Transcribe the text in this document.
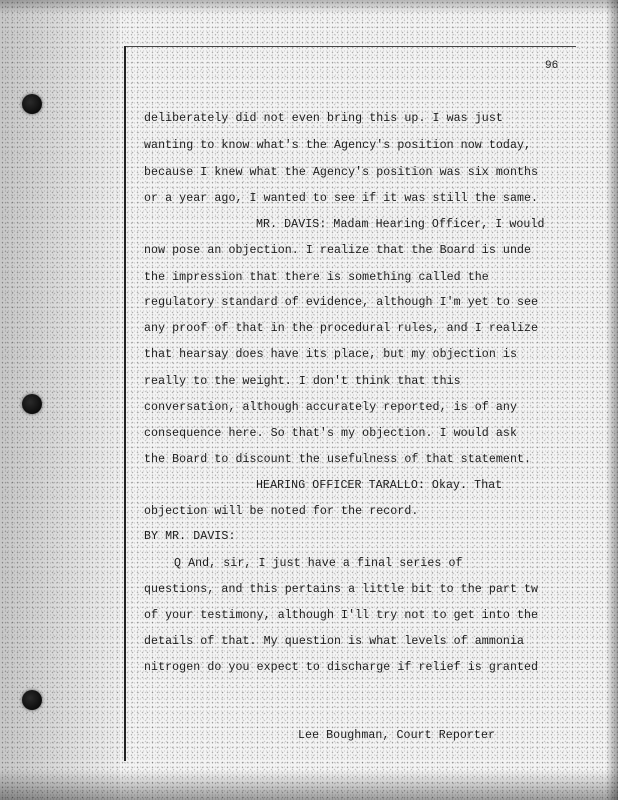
96
deliberately did not even bring this up. I was just
wanting to know what's the Agency's position now today,
because I knew what the Agency's position was six months
or a year ago, I wanted to see if it was still the same.
MR. DAVIS: Madam Hearing Officer, I would
now pose an objection. I realize that the Board is unde
the impression that there is something called the
regulatory standard of evidence, although I'm yet to see
any proof of that in the procedural rules, and I realize
that hearsay does have its place, but my objection is
really to the weight. I don't think that this
conversation, although accurately reported, is of any
consequence here. So that's my objection. I would ask
the Board to discount the usefulness of that statement.
HEARING OFFICER TARALLO: Okay. That
objection will be noted for the record.
BY MR. DAVIS:
Q And, sir, I just have a final series of
questions, and this pertains a little bit to the part tw
of your testimony, although I'll try not to get into the
details of that. My question is what levels of ammonia
nitrogen do you expect to discharge if relief is granted
Lee Boughman, Court Reporter
